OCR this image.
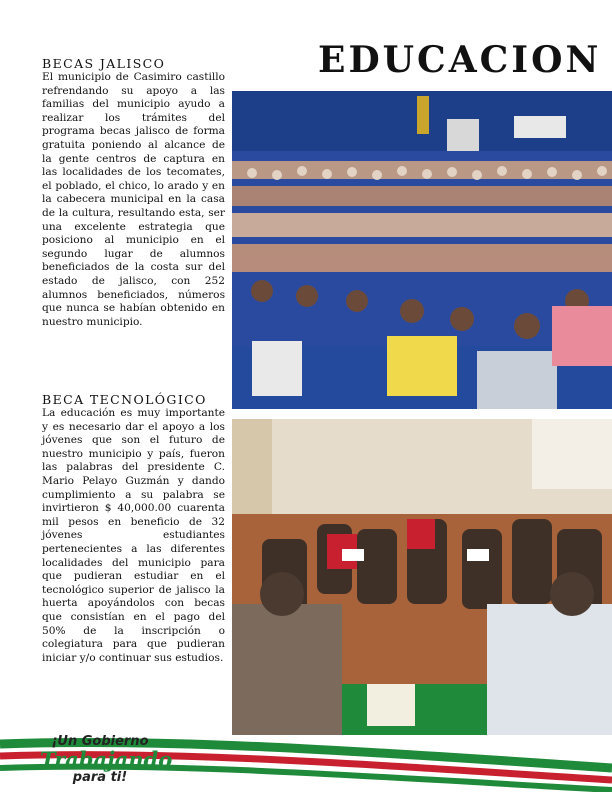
EDUCACION
BECAS JALISCO

El municipio de Casimiro castillo refrendando su apoyo a las familias del municipio ayudo a realizar los trámites del programa becas jalisco de forma gratuita poniendo al alcance de la gente centros de captura en las localidades de los tecomates, el poblado, el chico, lo arado y en la cabecera municipal en la casa de la cultura, resultando esta, ser una excelente estrategia que posiciono al municipio en el segundo lugar de alumnos beneficiados de la costa sur del estado de jalisco, con 252 alumnos beneficiados, números que nunca se habían obtenido en nuestro municipio.

BECA TECNOLÓGICO

La educación es muy importante y es necesario dar el apoyo a los jóvenes que son el futuro de nuestro municipio y país, fueron las palabras del presidente C. Mario Pelayo Guzmán y dando cumplimiento a su palabra se invirtieron $ 40,000.00 cuarenta mil pesos en beneficio de 32 jóvenes estudiantes pertenecientes a las diferentes localidades del municipio para que pudieran estudiar en el tecnológico superior de jalisco la huerta apoyándolos con becas que consistían en el pago del 50% de la inscripción o colegiatura para que pudieran iniciar y/o continuar sus estudios.

¡Un Gobierno
Trabajando
para ti!
